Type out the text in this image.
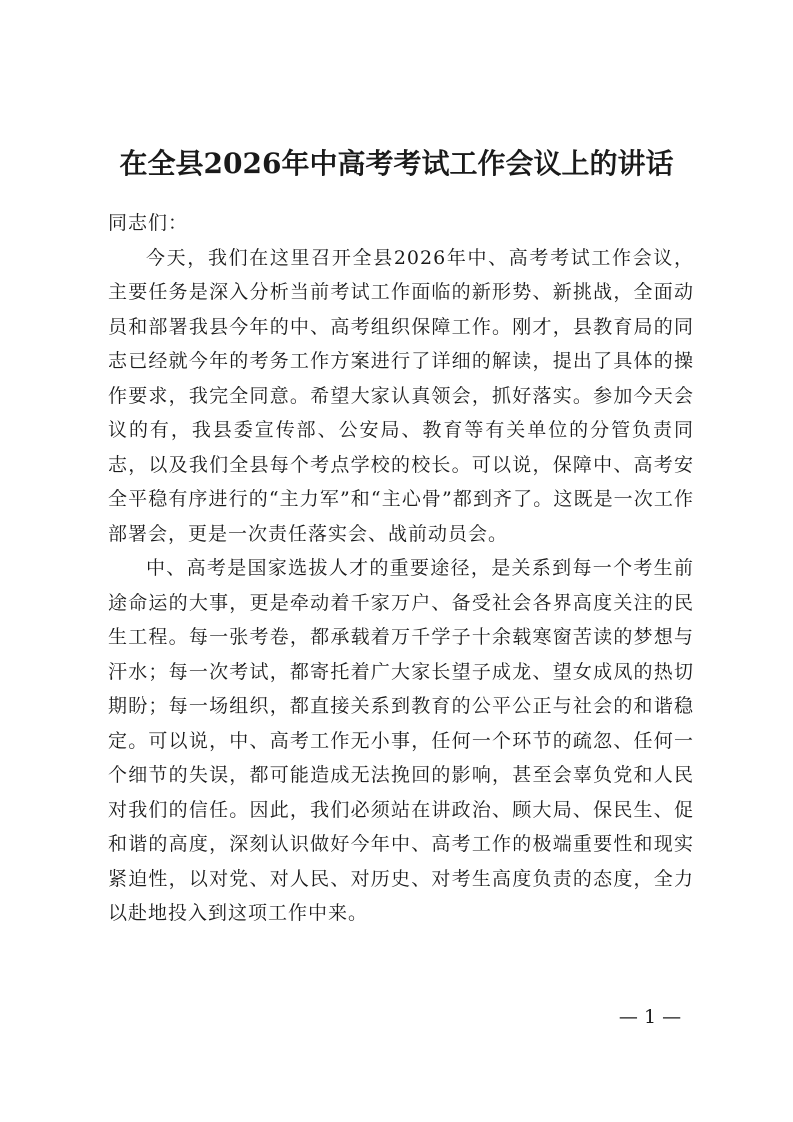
在全县2026年中高考考试工作会议上的讲话

同志们：

今天，我们在这里召开全县2026年中、高考考试工作会议，主要任务是深入分析当前考试工作面临的新形势、新挑战，全面动员和部署我县今年的中、高考组织保障工作。刚才，县教育局的同志已经就今年的考务工作方案进行了详细的解读，提出了具体的操作要求，我完全同意。希望大家认真领会，抓好落实。参加今天会议的有，我县委宣传部、公安局、教育等有关单位的分管负责同志，以及我们全县每个考点学校的校长。可以说，保障中、高考安全平稳有序进行的“主力军”和“主心骨”都到齐了。这既是一次工作部署会，更是一次责任落实会、战前动员会。

中、高考是国家选拔人才的重要途径，是关系到每一个考生前途命运的大事，更是牵动着千家万户、备受社会各界高度关注的民生工程。每一张考卷，都承载着万千学子十余载寒窗苦读的梦想与汗水；每一次考试，都寄托着广大家长望子成龙、望女成凤的热切期盼；每一场组织，都直接关系到教育的公平公正与社会的和谐稳定。可以说，中、高考工作无小事，任何一个环节的疏忽、任何一个细节的失误，都可能造成无法挽回的影响，甚至会辜负党和人民对我们的信任。因此，我们必须站在讲政治、顾大局、保民生、促和谐的高度，深刻认识做好今年中、高考工作的极端重要性和现实紧迫性，以对党、对人民、对历史、对考生高度负责的态度，全力以赴地投入到这项工作中来。

— 1 —
